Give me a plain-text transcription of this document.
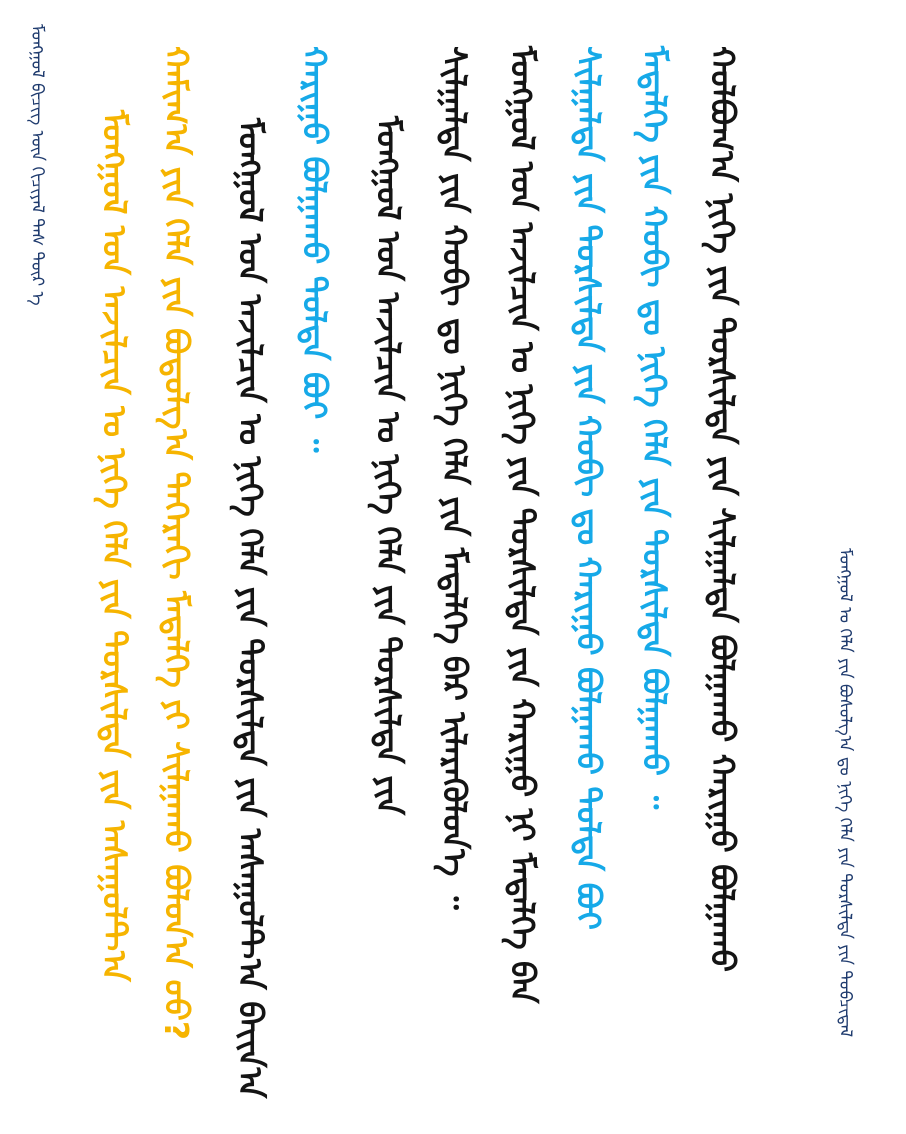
ᠮᠣᠩᠭᠣᠯ ᠪᠢᠴᠢᠭ ᠦᠨ ᠬᠢᠴᠢᠶᠡᠯ ᠲᠡᠰ ᠲᠦᠷ ᠡ ᠮᠣᠩᠭᠣᠯ ᠤᠨ ᠠᠵᠢᠯᠴᠢᠨ ᠤ ᠨᠢᠭᠡ ᠬᠡᠯᠡ ᠶᠢᠨ ᠲᠤᠷᠰᠢᠯᠲᠠ ᠶᠢᠨ ᠠᠰᠠᠭᠤᠯᠲ᠎ᠠ ᠬᠠᠮᠢᠭ᠎ᠠ ᠶᠢᠨ ᠬᠡᠯᠡ ᠶᠢᠨ ᠪᠣᠳᠣᠯᠭ᠎ᠠ ᠳᠡᠭᠡᠷᠡᠬᠢ ᠮᠡᠳᠡᠯᠭᠡ ᠶᠢ ᠰᠢᠯᠭᠠᠬᠤ ᠪᠣᠯᠤᠨ᠎ᠠ ᠤᠤ? ᠮᠣᠩᠭᠣᠯ ᠤᠨ ᠠᠵᠢᠯᠴᠢᠨ ᠤ ᠨᠢᠭᠡ ᠬᠡᠯᠡ ᠶᠢᠨ ᠲᠤᠷᠰᠢᠯᠲᠠ ᠶᠢᠨ ᠠᠰᠠᠭᠤᠯᠲ᠎ᠠ ᠪᠠᠶ᠋ᠢᠨ᠎ᠠ ᠬᠠᠷᠢᠭᠤ ᠪᠣᠯᠭᠠᠬᠤ ᠳᠤᠯᠳᠠ ᠪᠣᠢ ᠃ ᠮᠣᠩᠭᠣᠯ ᠤᠨ ᠠᠵᠢᠯᠴᠢᠨ ᠤ ᠨᠢᠭᠡ ᠬᠡᠯᠡ ᠶᠢᠨ ᠲᠤᠷᠰᠢᠯᠲᠠ ᠶᠢᠨ ᠰᠢᠯᠭᠠᠯᠲᠠ ᠶᠢᠨ ᠬᠤᠪᠢ ᠳᠤ ᠨᠢᠭᠡ ᠬᠡᠯᠡ ᠶᠢᠨ ᠮᠡᠳᠡᠯᠭᠡ ᠪᠠᠷ ᠢᠯᠡᠷᠡᠭᠦᠯᠦᠨ᠎ᠡ ᠃ ᠮᠣᠩᠭᠣᠯ ᠤᠨ ᠠᠵᠢᠯᠴᠢᠨ ᠤ ᠨᠢᠭᠡ ᠶᠢᠨ ᠲᠤᠷᠰᠢᠯᠲᠠ ᠶᠢᠨ ᠬᠠᠷᠢᠭᠤ ᠨᠢ ᠮᠡᠳᠡᠯᠭᠡ ᠪᠠᠨ ᠰᠢᠯᠭᠠᠯᠲᠠ ᠶᠢᠨ ᠲᠤᠷᠰᠢᠯᠲᠠ ᠶᠢᠨ ᠬᠤᠪᠢ ᠳᠤ ᠬᠠᠷᠢᠭᠤ ᠪᠣᠯᠭᠠᠬᠤ ᠳᠤᠯᠳᠠ ᠪᠣᠢ ᠮᠡᠳᠡᠯᠭᠡ ᠶᠢᠨ ᠬᠤᠪᠢ ᠳᠤ ᠨᠢᠭᠡ ᠬᠡᠯᠡ ᠶᠢᠨ ᠲᠤᠷᠰᠢᠯᠲᠠ ᠪᠣᠯᠭᠠᠬᠤ ᠃ ᠬᠣᠯᠪᠣᠭ᠎ᠠ ᠨᠢᠭᠡ ᠶᠢᠨ ᠲᠤᠷᠰᠢᠯᠲᠠ ᠶᠢᠨ ᠰᠢᠯᠭᠠᠯᠲᠠ ᠪᠣᠯᠭᠠᠬᠤ ᠬᠠᠷᠢᠭᠤ ᠪᠣᠯᠭᠠᠬᠤ	ᠮᠣᠩᠭᠣᠯ ᠤ ᠬᠡᠯᠡ ᠶᠢᠨ ᠪᠣᠰᠤᠯᠭ᠎ᠠ ᠳᠤ ᠨᠢᠭᠡ ᠬᠡᠯᠡ ᠶᠢᠨ ᠲᠤᠷᠰᠢᠯᠲᠠ ᠶᠢᠨ ᠲᠤᠪᠴᠢᠳᠠᠯ
